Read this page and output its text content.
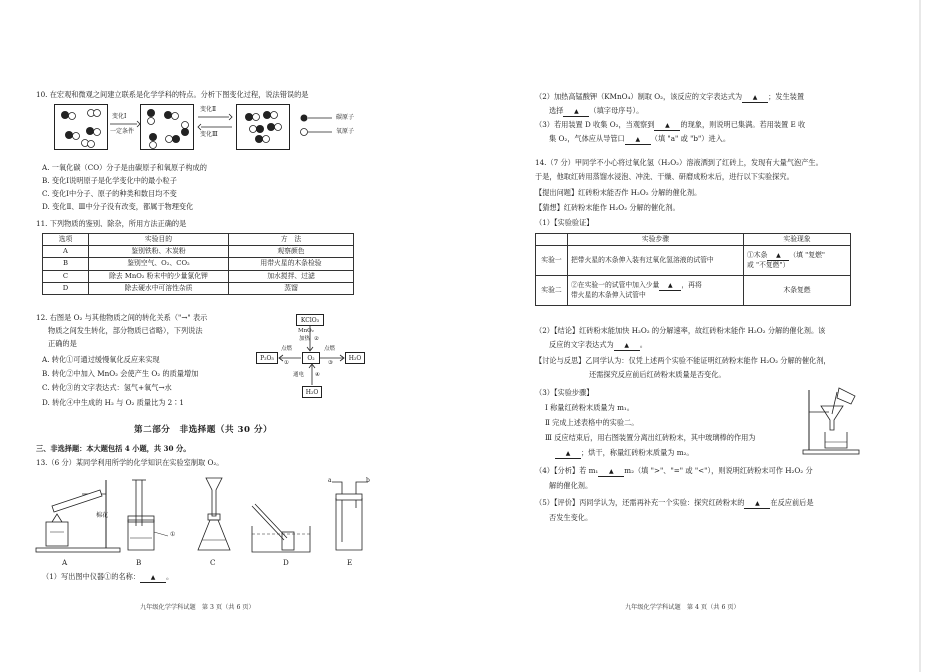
10. 在宏观和微观之间建立联系是化学学科的特点。分析下图变化过程，说法错误的是
变化Ⅰ
一定条件
变化Ⅱ
变化Ⅲ
碳原子
氧原子
A. 一氧化碳（CO）分子是由碳原子和氧原子构成的
B. 变化Ⅰ说明原子是化学变化中的最小粒子
C. 变化Ⅰ中分子、原子的种类和数目均不变
D. 变化Ⅱ、Ⅲ中分子没有改变，都属于物理变化
11. 下列物质的鉴别、除杂，所用方法正确的是
选项	实验目的	方　法
A	鉴别铁粉、木炭粉	观察颜色
B	鉴别空气、O₂、CO₂	用带火星的木条检验
C	除去 MnO₂ 粉末中的少量氯化钾	加水搅拌、过滤
D	除去硬水中可溶性杂质	蒸馏
12. 右图是 O₂ 与其他物质之间的转化关系（"→" 表示
物质之间发生转化，部分物质已省略），下列说法
正确的是
A. 转化①可通过缓慢氧化反应来实现
B. 转化②中加入 MnO₂ 会使产生 O₂ 的质量增加
C. 转化③的文字表达式：氢气+氧气→水
D. 转化④中生成的 H₂ 与 O₂ 质量比为 2∶1
KClO₃
MnO₂
加热 ②
P₂O₅	O₂	H₂O
H₂O
点燃
①
点燃
③
通电 ④
第二部分　非选择题（共 30 分）
三、非选择题：本大题包括 4 小题，共 30 分。
13.（6 分）某同学利用所学的化学知识在实验室制取 O₂。
棉花
①
a	b
A	B	C	D	E
（1）写出图中仪器①的名称： ▲ 。
九年级化学学科试题　第 3 页（共 6 页）
（2）加热高锰酸钾（KMnO₄）制取 O₂，该反应的文字表达式为 ▲ ；发生装置
选择 ▲ （填字母序号）。
（3）若用装置 D 收集 O₂，当观察到 ▲ 的现象，则说明已集满。若用装置 E 收
集 O₂，气体应从导管口 ▲ （填 "a" 或 "b"）进入。
14.（7 分）甲同学不小心将过氧化氢（H₂O₂）溶液洒到了红砖上，发现有大量气泡产生。
于是，他取红砖用蒸馏水浸泡、冲洗、干燥、研磨成粉末后，进行以下实验探究。
【提出问题】红砖粉末能否作 H₂O₂ 分解的催化剂。
【猜想】红砖粉末能作 H₂O₂ 分解的催化剂。
（1）【实验验证】
	实验步骤	实验现象
实验一	把带火星的木条伸入装有过氧化氢溶液的试管中	①木条 ▲ （填 "复燃"
或 "不复燃"）
实验二	②在实验一的试管中加入少量 ▲ ，再将
带火星的木条伸入试管中	木条复燃
（2）【结论】红砖粉末能加快 H₂O₂ 的分解速率，故红砖粉末能作 H₂O₂ 分解的催化剂。该
反应的文字表达式为 ▲ 。
【讨论与反思】乙同学认为：仅凭上述两个实验不能证明红砖粉末能作 H₂O₂ 分解的催化剂，
还需探究反应前后红砖粉末质量是否变化。
（3）【实验步骤】
Ⅰ 称量红砖粉末质量为 m₁。
Ⅱ 完成上述表格中的实验二。
Ⅲ 反应结束后，用右图装置分离出红砖粉末，其中玻璃棒的作用为
▲ ；烘干，称量红砖粉末质量为 m₂。
（4）【分析】若 m₁ ▲ m₂（填 ">"、"=" 或 "<"），则说明红砖粉末可作 H₂O₂ 分
解的催化剂。
（5）【评价】丙同学认为，还需再补充一个实验：探究红砖粉末的 ▲ 在反应前后是
否发生变化。
九年级化学学科试题　第 4 页（共 6 页）
